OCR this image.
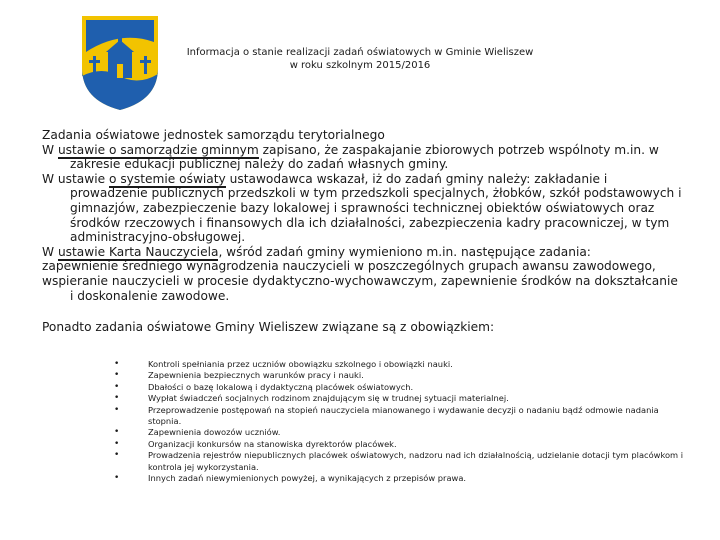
Informacja o stanie realizacji zadań oświatowych w Gminie Wieliszew
w roku szkolnym 2015/2016

Zadania oświatowe jednostek samorządu terytorialnego

W ustawie o samorządzie gminnym zapisano, że zaspakajanie zbiorowych potrzeb wspólnoty m.in. w zakresie edukacji publicznej należy do zadań własnych gminy.

W ustawie o systemie oświaty ustawodawca wskazał, iż do zadań gminy należy: zakładanie i prowadzenie publicznych przedszkoli w tym przedszkoli specjalnych, żłobków, szkół podstawowych i gimnazjów, zabezpieczenie bazy lokalowej i sprawności technicznej obiektów oświatowych oraz środków rzeczowych i finansowych dla ich działalności, zabezpieczenia kadry pracowniczej, w tym administracyjno-obsługowej.

W ustawie Karta Nauczyciela, wśród zadań gminy wymieniono m.in. następujące zadania:

zapewnienie średniego wynagrodzenia nauczycieli w poszczególnych grupach awansu zawodowego,

wspieranie nauczycieli w procesie dydaktyczno-wychowawczym, zapewnienie środków na dokształcanie i doskonalenie zawodowe.

Ponadto zadania oświatowe Gminy Wieliszew związane są z obowiązkiem:

• Kontroli spełniania przez uczniów obowiązku szkolnego i obowiązki nauki.
• Zapewnienia bezpiecznych warunków pracy i nauki.
• Dbałości o bazę lokalową i dydaktyczną placówek oświatowych.
• Wypłat świadczeń socjalnych rodzinom znajdującym się w trudnej sytuacji materialnej.
• Przeprowadzenie postępowań na stopień nauczyciela mianowanego i wydawanie decyzji o nadaniu bądź odmowie nadania stopnia.
• Zapewnienia dowozów uczniów.
• Organizacji konkursów na stanowiska dyrektorów placówek.
• Prowadzenia rejestrów niepublicznych placówek oświatowych, nadzoru nad ich działalnością, udzielanie dotacji tym placówkom i kontrola jej wykorzystania.
• Innych zadań niewymienionych powyżej, a wynikających z przepisów prawa.
